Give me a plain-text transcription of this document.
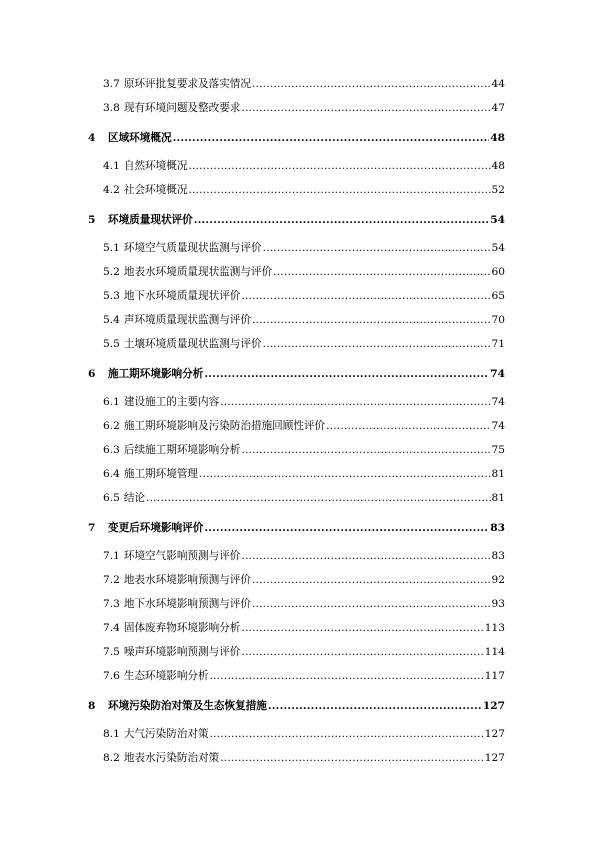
3.7 原环评批复要求及落实情况 .....	44
3.8 现有环境问题及整改要求 .....	47
4	区域环境概况 .....	48
4.1 自然环境概况 .....	48
4.2 社会环境概况 .....	52
5	环境质量现状评价 .....	54
5.1 环境空气质量现状监测与评价 .....	54
5.2 地表水环境质量现状监测与评价 .....	60
5.3 地下水环境质量现状评价 .....	65
5.4 声环境质量现状监测与评价 .....	70
5.5 土壤环境质量现状监测与评价 .....	71
6	施工期环境影响分析 .....	74
6.1 建设施工的主要内容 .....	74
6.2 施工期环境影响及污染防治措施回顾性评价 .....	74
6.3 后续施工期环境影响分析 .....	75
6.4 施工期环境管理 .....	81
6.5 结论 .....	81
7	变更后环境影响评价 .....	83
7.1 环境空气影响预测与评价 .....	83
7.2 地表水环境影响预测与评价 .....	92
7.3 地下水环境影响预测与评价 .....	93
7.4 固体废弃物环境影响分析 .....	113
7.5 噪声环境影响预测与评价 .....	114
7.6 生态环境影响分析 .....	117
8	环境污染防治对策及生态恢复措施 .....	127
8.1 大气污染防治对策 .....	127
8.2 地表水污染防治对策 .....	127
